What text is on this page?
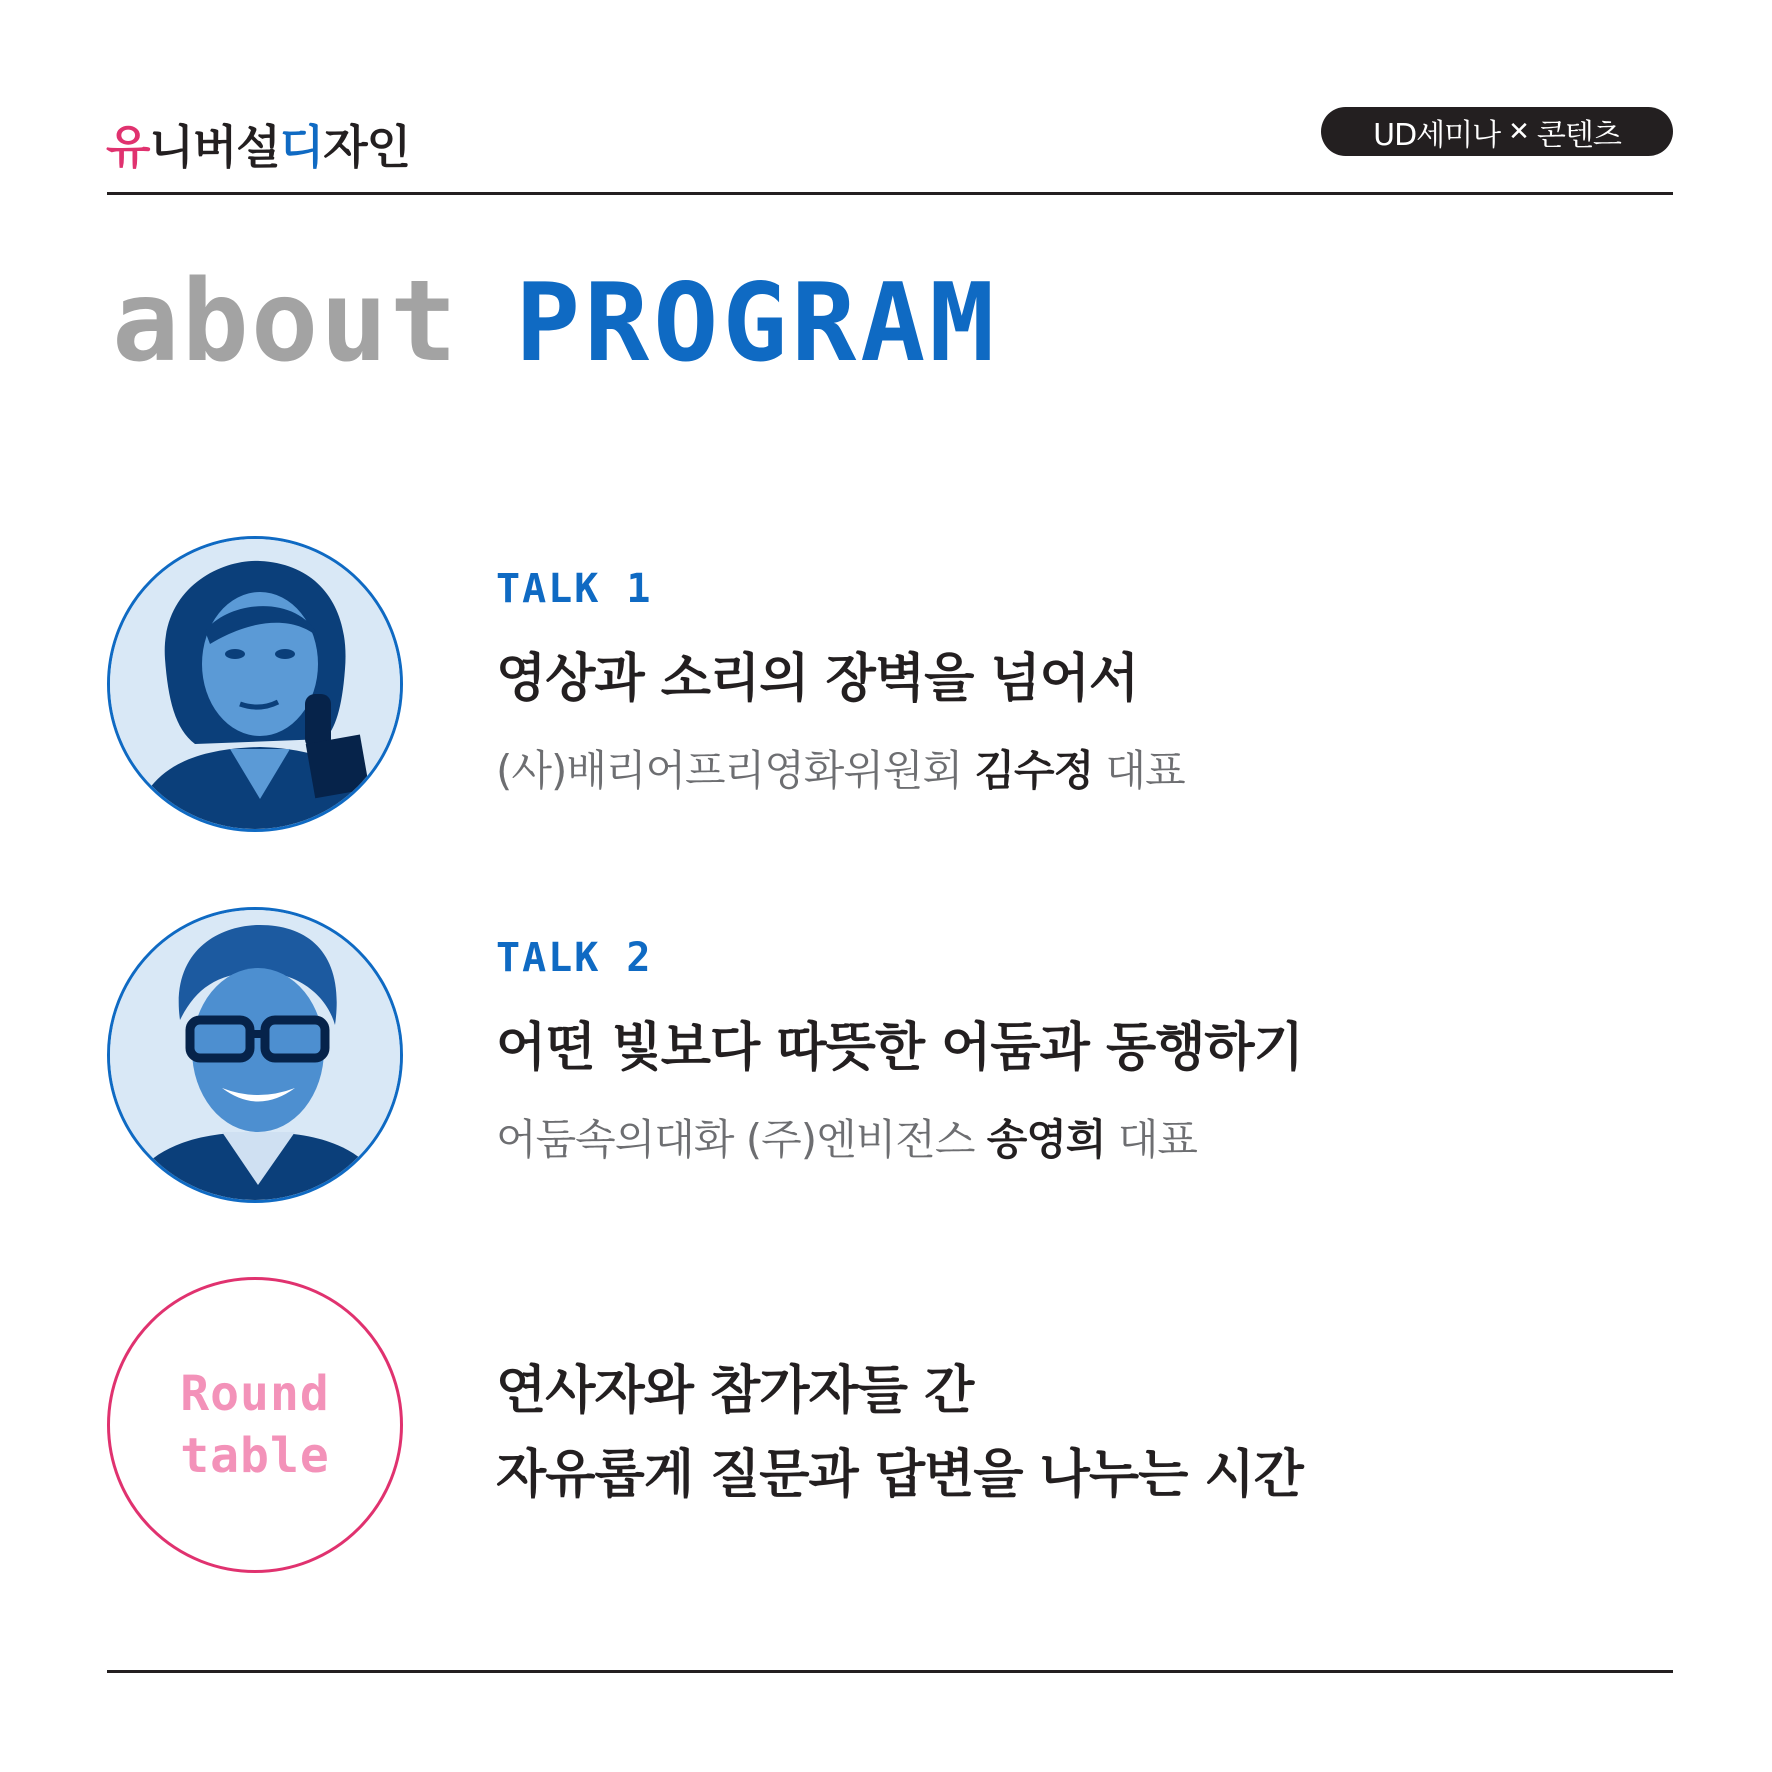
유 니버설 디 자인	UD세미나 ✕ 콘텐츠
about PROGRAM
TALK 1
영상과 소리의 장벽을 넘어서
(사)배리어프리영화위원회 김수정 대표
TALK 2
어떤 빛보다 따뜻한 어둠과 동행하기
어둠속의대화 (주)엔비전스 송영희 대표
Round
table
연사자와 참가자들 간
자유롭게 질문과 답변을 나누는 시간
